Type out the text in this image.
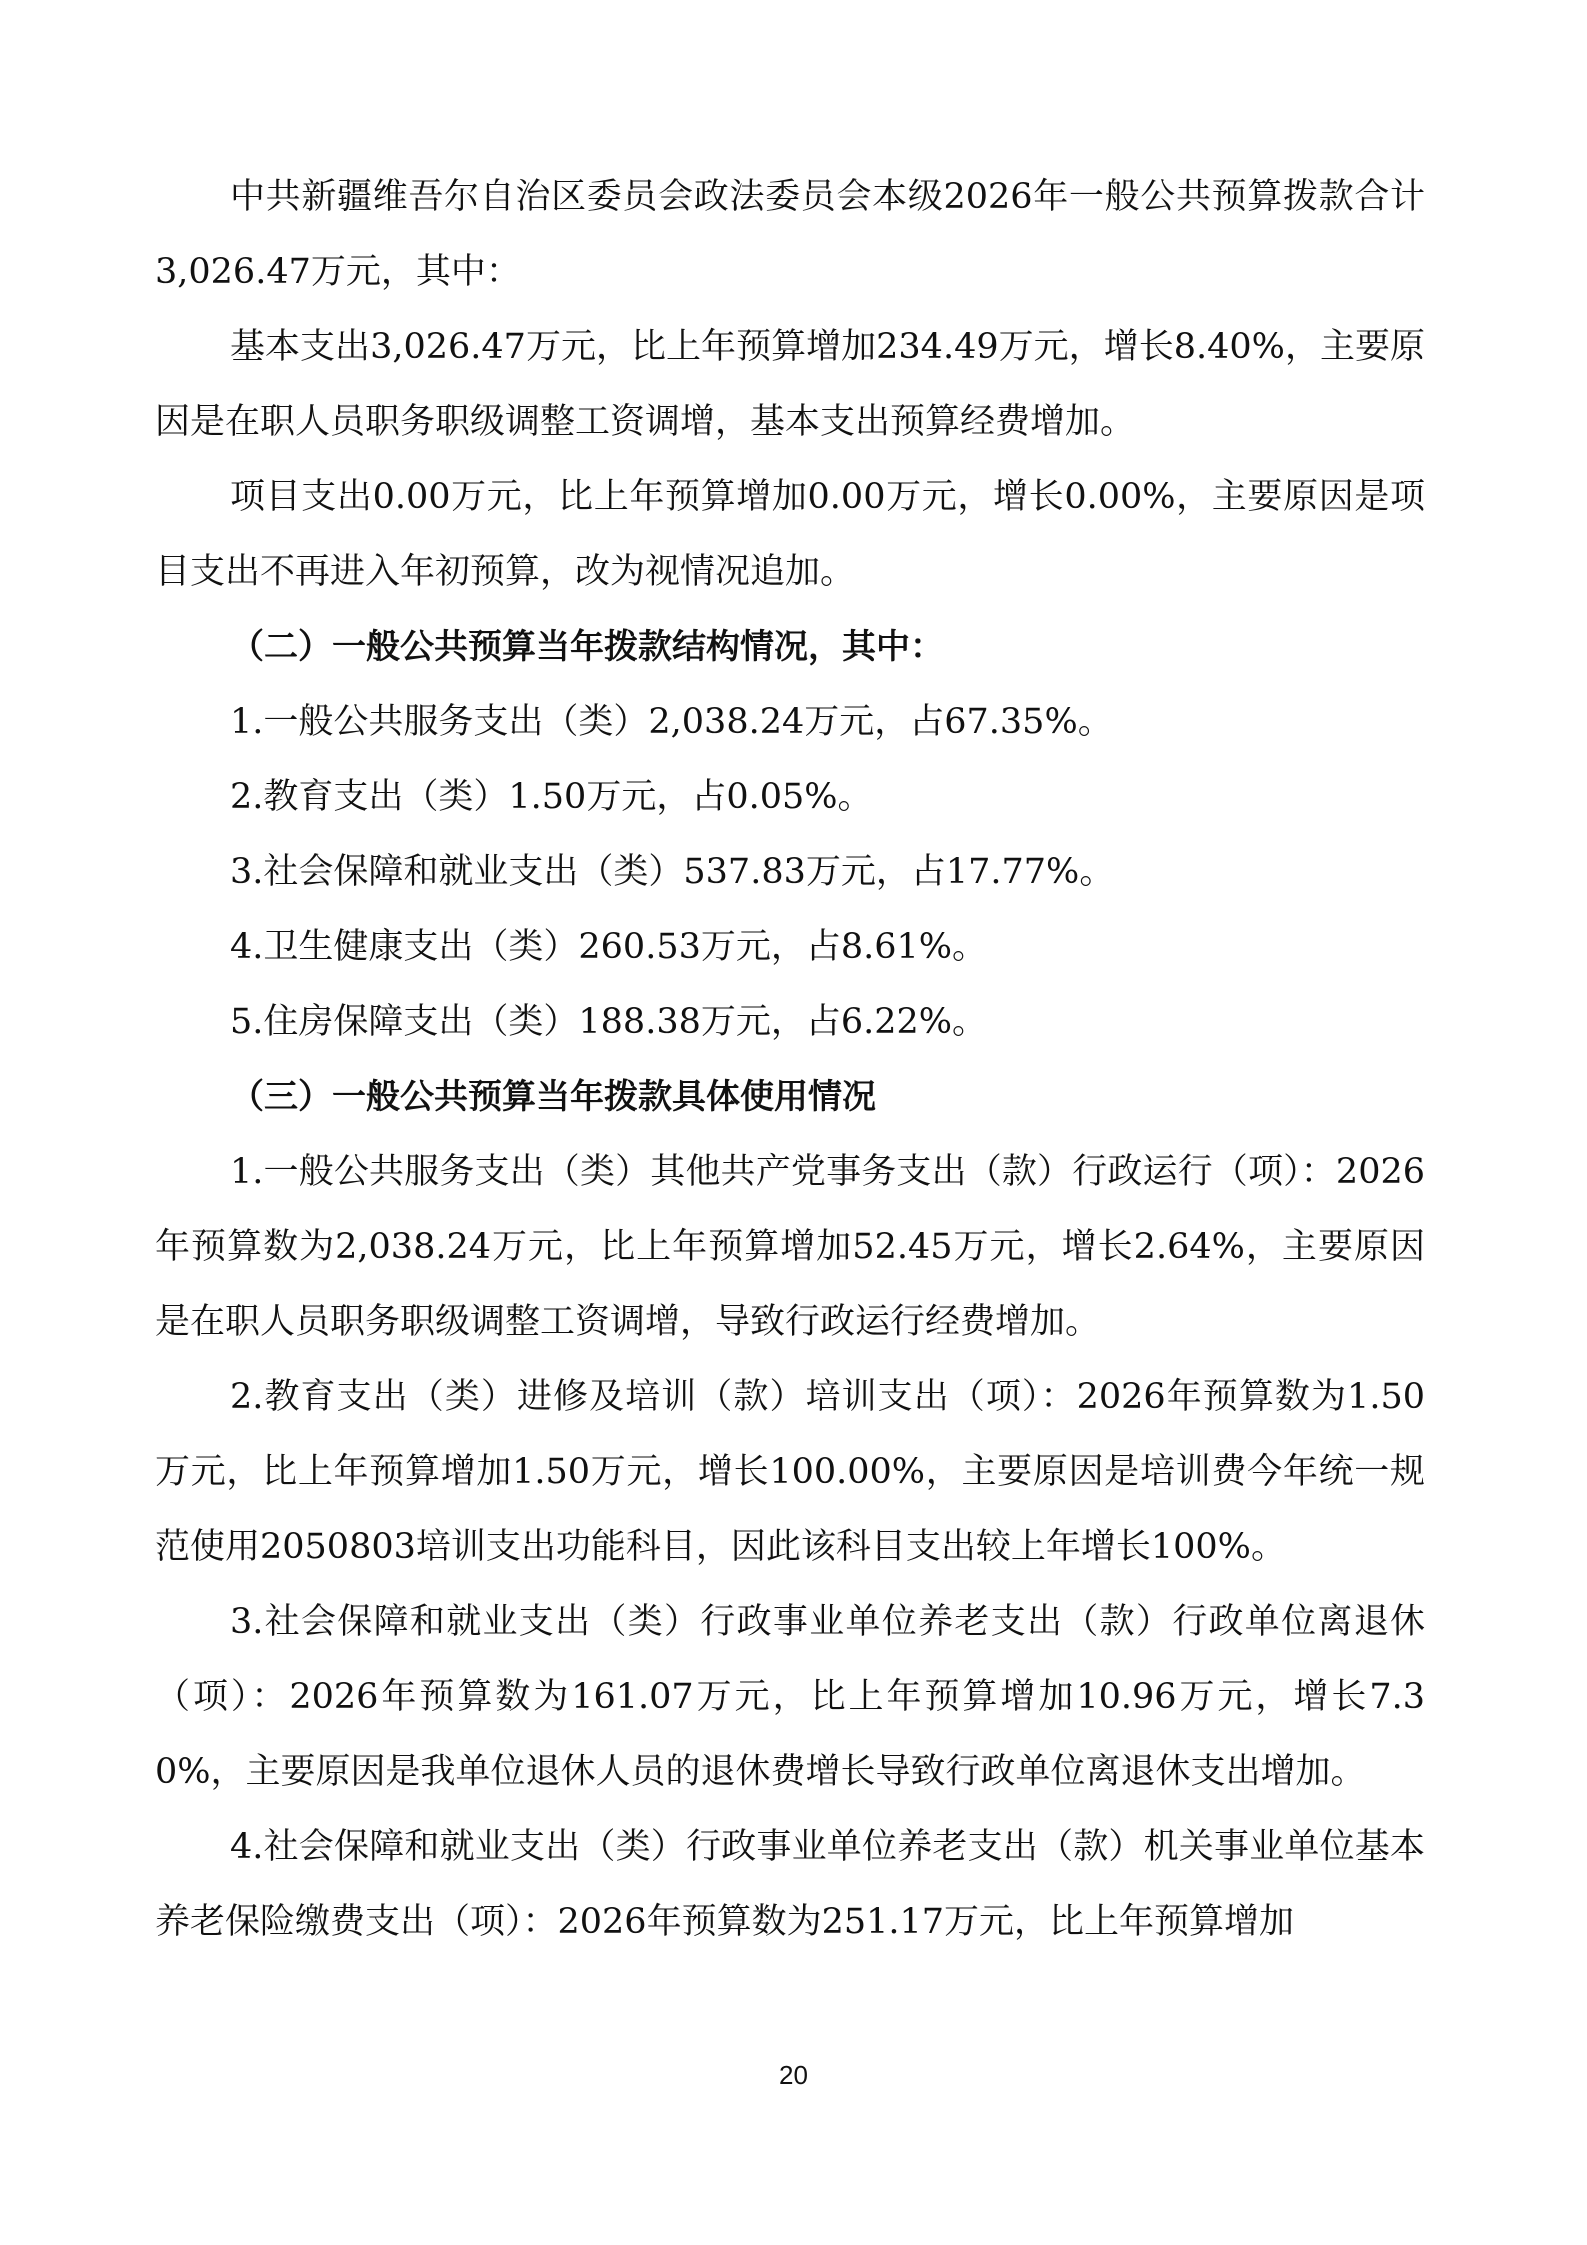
中共新疆维吾尔自治区委员会政法委员会本级2026年一般公共预算拨款合计3,026.47万元，其中：

基本支出3,026.47万元，比上年预算增加234.49万元，增长8.40%，主要原因是在职人员职务职级调整工资调增，基本支出预算经费增加。

项目支出0.00万元，比上年预算增加0.00万元，增长0.00%，主要原因是项目支出不再进入年初预算，改为视情况追加。

（二）一般公共预算当年拨款结构情况，其中：

1.一般公共服务支出（类）2,038.24万元，占67.35%。

2.教育支出（类）1.50万元，占0.05%。

3.社会保障和就业支出（类）537.83万元，占17.77%。

4.卫生健康支出（类）260.53万元，占8.61%。

5.住房保障支出（类）188.38万元，占6.22%。

（三）一般公共预算当年拨款具体使用情况

1.一般公共服务支出（类）其他共产党事务支出（款）行政运行（项）：2026年预算数为2,038.24万元，比上年预算增加52.45万元，增长2.64%，主要原因是在职人员职务职级调整工资调增，导致行政运行经费增加。

2.教育支出（类）进修及培训（款）培训支出（项）：2026年预算数为1.50万元，比上年预算增加1.50万元，增长100.00%，主要原因是培训费今年统一规范使用2050803培训支出功能科目，因此该科目支出较上年增长100%。

3.社会保障和就业支出（类）行政事业单位养老支出（款）行政单位离退休（项）：2026年预算数为161.07万元，比上年预算增加10.96万元，增长7.30%，主要原因是我单位退休人员的退休费增长导致行政单位离退休支出增加。

4.社会保障和就业支出（类）行政事业单位养老支出（款）机关事业单位基本养老保险缴费支出（项）：2026年预算数为251.17万元，比上年预算增加

20
